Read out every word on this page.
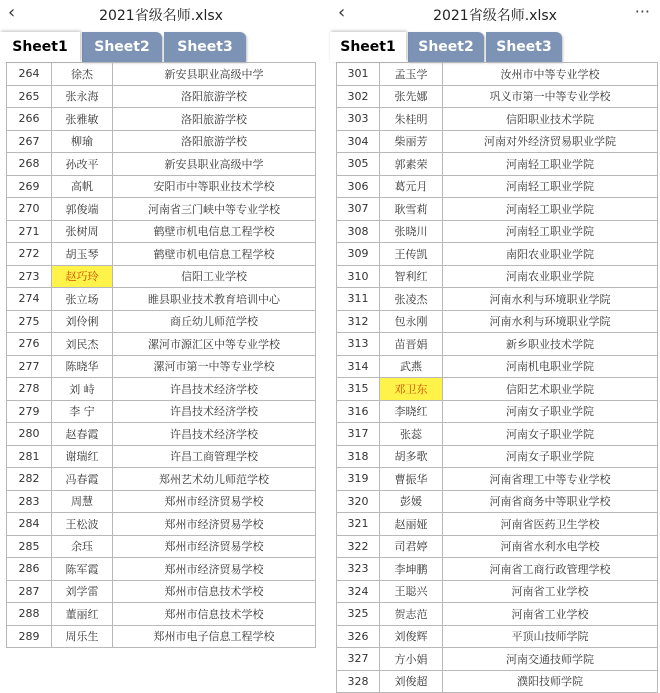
‹	2021省级名师.xlsx
Sheet1	Sheet2	Sheet3
264	徐杰	新安县职业高级中学
265	张永海	洛阳旅游学校
266	张雅敏	洛阳旅游学校
267	柳瑜	洛阳旅游学校
268	孙改平	新安县职业高级中学
269	高帆	安阳市中等职业技术学校
270	郭俊端	河南省三门峡中等专业学校
271	张树周	鹤壁市机电信息工程学校
272	胡玉琴	鹤壁市机电信息工程学校
273	赵巧玲	信阳工业学校
274	张立场	睢县职业技术教育培训中心
275	刘伶俐	商丘幼儿师范学校
276	刘民杰	漯河市源汇区中等专业学校
277	陈晓华	漯河市第一中等专业学校
278	刘 峙	许昌技术经济学校
279	李 宁	许昌技术经济学校
280	赵春霞	许昌技术经济学校
281	谢瑞红	许昌工商管理学校
282	冯春霞	郑州艺术幼儿师范学校
283	周慧	郑州市经济贸易学校
284	王松波	郑州市经济贸易学校
285	余珏	郑州市经济贸易学校
286	陈军霞	郑州市经济贸易学校
287	刘学雷	郑州市信息技术学校
288	董丽红	郑州市信息技术学校
289	周乐生	郑州市电子信息工程学校
‹	2021省级名师.xlsx	···
Sheet1	Sheet2	Sheet3
301	孟玉学	汝州市中等专业学校
302	张先娜	巩义市第一中等专业学校
303	朱桂明	信阳职业技术学院
304	柴丽芳	河南对外经济贸易职业学院
305	郭素荣	河南轻工职业学院
306	葛元月	河南轻工职业学院
307	耿雪莉	河南轻工职业学院
308	张晓川	河南轻工职业学院
309	王传凯	南阳农业职业学院
310	智利红	河南农业职业学院
311	张凌杰	河南水利与环境职业学院
312	包永刚	河南水利与环境职业学院
313	苗晋娟	新乡职业技术学院
314	武燕	河南机电职业学院
315	邓卫东	信阳艺术职业学院
316	李晓红	河南女子职业学院
317	张蕊	河南女子职业学院
318	胡多歌	河南女子职业学院
319	曹振华	河南省理工中等专业学校
320	彭媛	河南省商务中等职业学校
321	赵丽娅	河南省医药卫生学校
322	司君婷	河南省水利水电学校
323	李坤鹏	河南省工商行政管理学校
324	王聪兴	河南省工业学校
325	贺志范	河南省工业学校
326	刘俊辉	平顶山技师学院
327	方小娟	河南交通技师学院
328	刘俊超	濮阳技师学院
